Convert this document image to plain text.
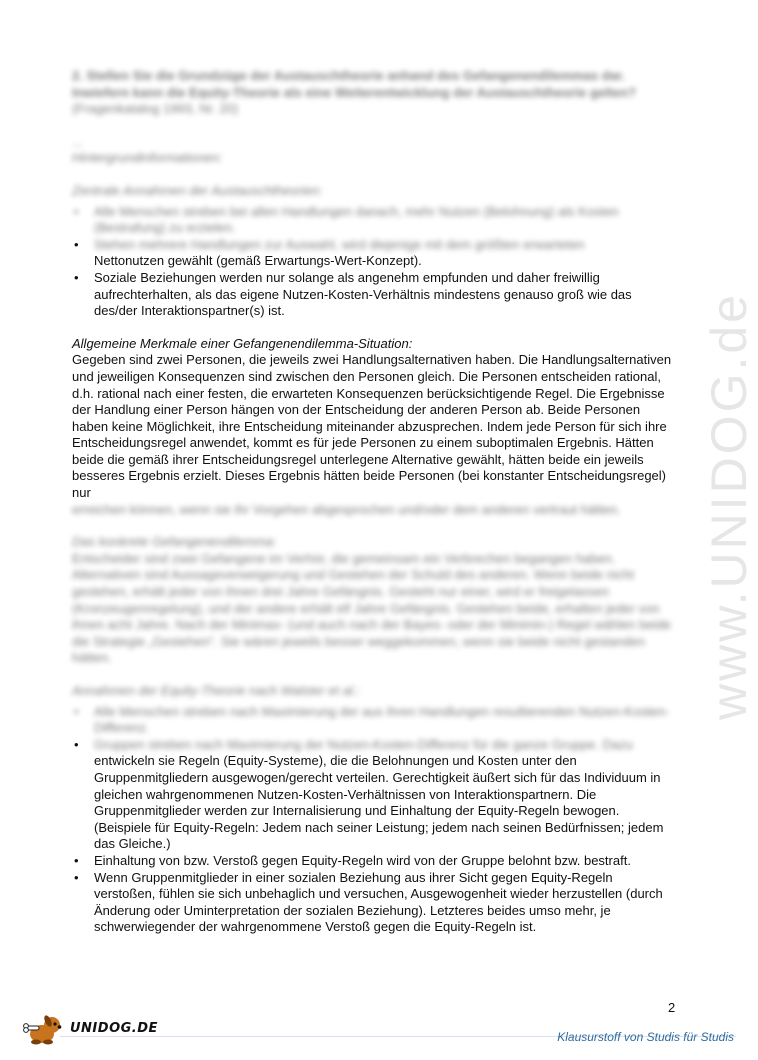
www.UNIDOG.de

2. Stellen Sie die Grundzüge der Austauschtheorie anhand des Gefangenendilemmas dar.

Inwiefern kann die Equity-Theorie als eine Weiterentwicklung der Austauschtheorie gelten?

(Fragenkatalog 1993, Nr. 20)

...

Hintergrundinformationen:

Zentrale Annahmen der Austauschtheorien:

• Alle Menschen streben bei allen Handlungen danach, mehr Nutzen (Belohnung) als Kosten (Bestrafung) zu erzielen.
• Stehen mehrere Handlungen zur Auswahl, wird diejenige mit dem größten erwarteten
Nettonutzen gewählt (gemäß Erwartungs-Wert-Konzept).
• Soziale Beziehungen werden nur solange als angenehm empfunden und daher freiwillig aufrechterhalten, als das eigene Nutzen-Kosten-Verhältnis mindestens genauso groß wie das des/der Interaktionspartner(s) ist.

Allgemeine Merkmale einer Gefangenendilemma-Situation:

Gegeben sind zwei Personen, die jeweils zwei Handlungsalternativen haben. Die Handlungsalternativen und jeweiligen Konsequenzen sind zwischen den Personen gleich. Die Personen entscheiden rational, d.h. rational nach einer festen, die erwarteten Konsequenzen berücksichtigende Regel. Die Ergebnisse der Handlung einer Person hängen von der Entscheidung der anderen Person ab. Beide Personen haben keine Möglichkeit, ihre Entscheidung miteinander abzusprechen. Indem jede Person für sich ihre Entscheidungsregel anwendet, kommt es für jede Personen zu einem suboptimalen Ergebnis. Hätten beide die gemäß ihrer Entscheidungsregel unterlegene Alternative gewählt, hätten beide ein jeweils besseres Ergebnis erzielt. Dieses Ergebnis hätten beide Personen (bei konstanter Entscheidungsregel) nur

erreichen können, wenn sie ihr Vorgehen abgesprochen und/oder dem anderen vertraut hätten.

Das konkrete Gefangenendilemma:

Entscheider sind zwei Gefangene im Verhör, die gemeinsam ein Verbrechen begangen haben. Alternativen sind Aussageverweigerung und Gestehen der Schuld des anderen. Wenn beide nicht gestehen, erhält jeder von ihnen drei Jahre Gefängnis. Gesteht nur einer, wird er freigelassen (Kronzeugenregelung), und der andere erhält elf Jahre Gefängnis. Gestehen beide, erhalten jeder von ihnen acht Jahre. Nach der Minimax- (und auch nach der Bayes- oder der Minimin-) Regel wählen beide die Strategie „Gestehen“. Sie wären jeweils besser weggekommen, wenn sie beide nicht gestanden hätten.

Annahmen der Equity-Theorie nach Walster et al.:

• Alle Menschen streben nach Maximierung der aus ihren Handlungen resultierenden Nutzen-Kosten-Differenz.
• Gruppen streben nach Maximierung der Nutzen-Kosten-Differenz für die ganze Gruppe. Dazu
entwickeln sie Regeln (Equity-Systeme), die die Belohnungen und Kosten unter den Gruppenmitgliedern ausgewogen/gerecht verteilen. Gerechtigkeit äußert sich für das Individuum in gleichen wahrgenommenen Nutzen-Kosten-Verhältnissen von Interaktionspartnern. Die Gruppenmitglieder werden zur Internalisierung und Einhaltung der Equity-Regeln bewogen. (Beispiele für Equity-Regeln: Jedem nach seiner Leistung; jedem nach seinen Bedürfnissen; jedem das Gleiche.)
• Einhaltung von bzw. Verstoß gegen Equity-Regeln wird von der Gruppe belohnt bzw. bestraft.
• Wenn Gruppenmitglieder in einer sozialen Beziehung aus ihrer Sicht gegen Equity-Regeln verstoßen, fühlen sie sich unbehaglich und versuchen, Ausgewogenheit wieder herzustellen (durch Änderung oder Uminterpretation der sozialen Beziehung). Letzteres beides umso mehr, je schwerwiegender der wahrgenommene Verstoß gegen die Equity-Regeln ist.
2
UNIDOG.DE
Klausurstoff von Studis für Studis
